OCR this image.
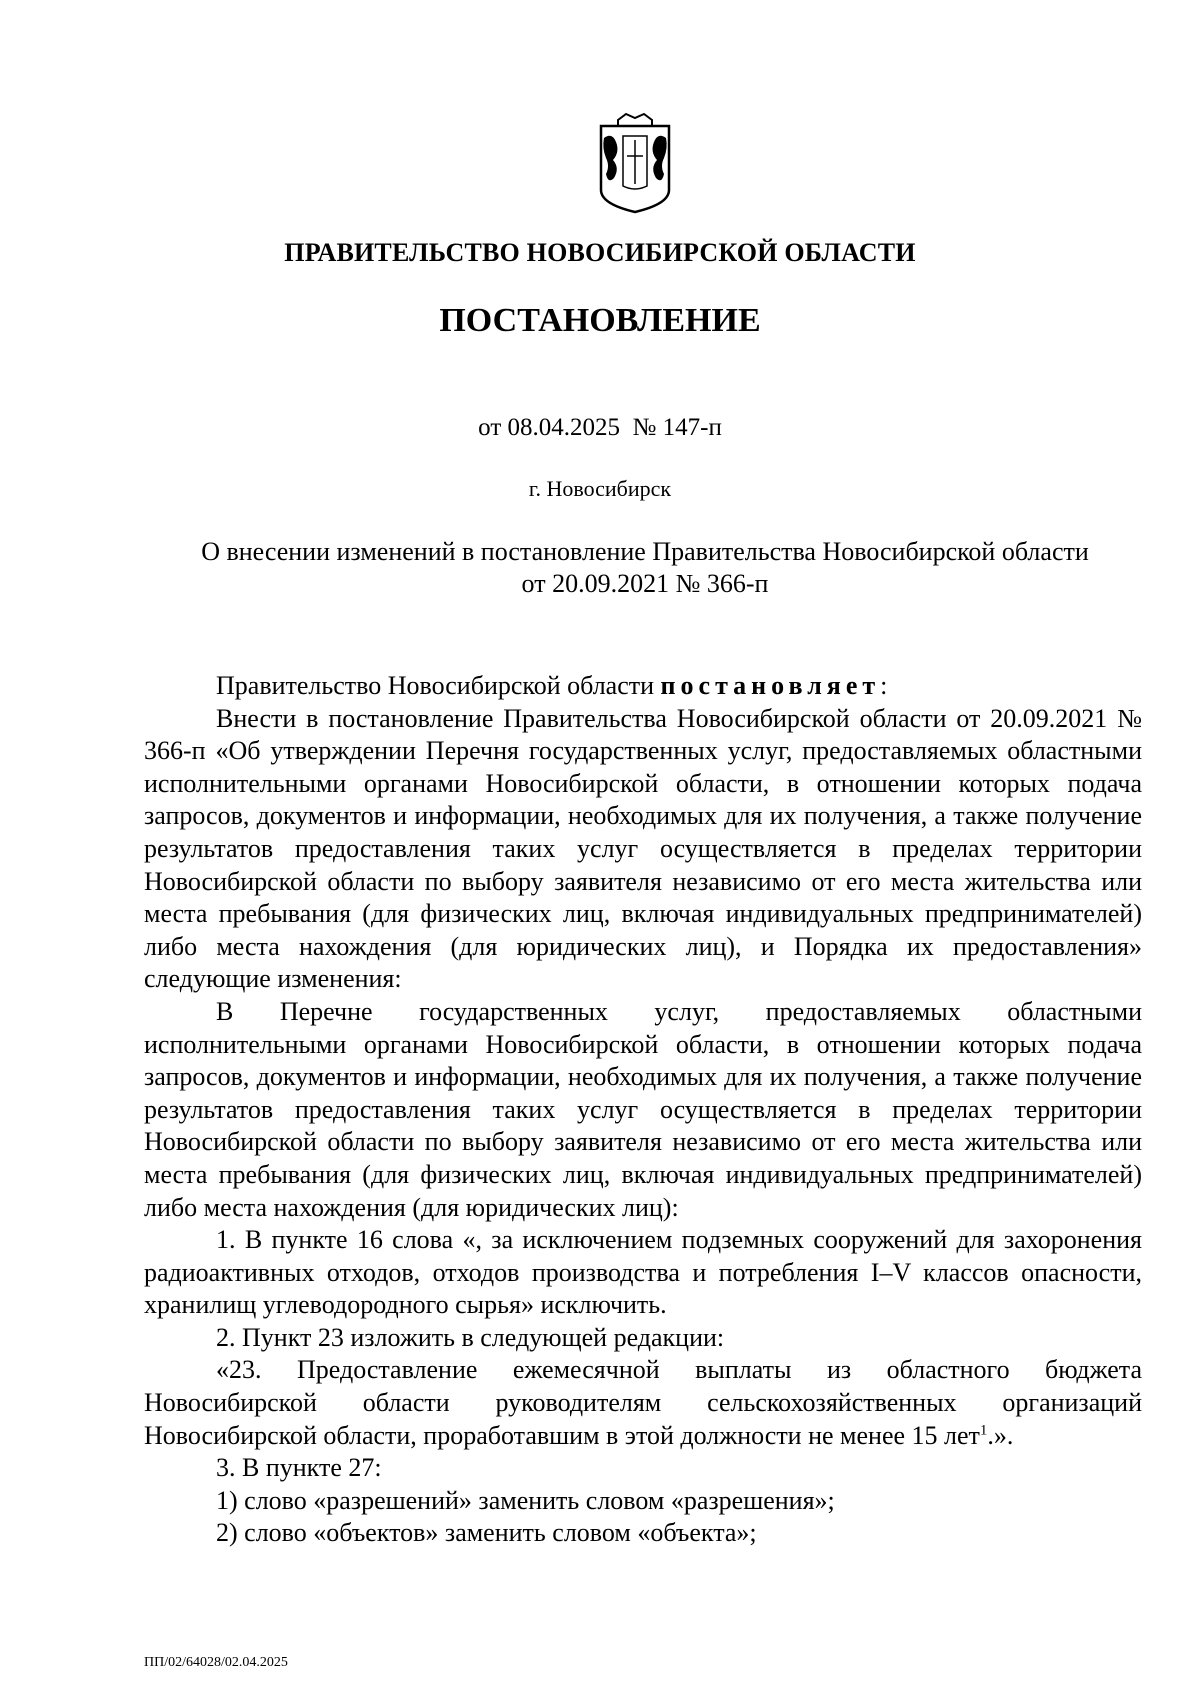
ПРАВИТЕЛЬСТВО НОВОСИБИРСКОЙ ОБЛАСТИ
ПОСТАНОВЛЕНИЕ
от 08.04.2025  № 147-п
г. Новосибирск
О внесении изменений в постановление Правительства Новосибирской области
от 20.09.2021 № 366-п

Правительство Новосибирской области постановляет:

Внести в постановление Правительства Новосибирской области от 20.09.2021 № 366-п «Об утверждении Перечня государственных услуг, предоставляемых областными исполнительными органами Новосибирской области, в отношении которых подача запросов, документов и информации, необходимых для их получения, а также получение результатов предоставления таких услуг осуществляется в пределах территории Новосибирской области по выбору заявителя независимо от его места жительства или места пребывания (для физических лиц, включая индивидуальных предпринимателей) либо места нахождения (для юридических лиц), и Порядка их предоставления» следующие изменения:

В Перечне государственных услуг, предоставляемых областными исполнительными органами Новосибирской области, в отношении которых подача запросов, документов и информации, необходимых для их получения, а также получение результатов предоставления таких услуг осуществляется в пределах территории Новосибирской области по выбору заявителя независимо от его места жительства или места пребывания (для физических лиц, включая индивидуальных предпринимателей) либо места нахождения (для юридических лиц):

1. В пункте 16 слова «, за исключением подземных сооружений для захоронения радиоактивных отходов, отходов производства и потребления I–V классов опасности, хранилищ углеводородного сырья» исключить.

2. Пункт 23 изложить в следующей редакции:

«23. Предоставление ежемесячной выплаты из областного бюджета Новосибирской области руководителям сельскохозяйственных организаций Новосибирской области, проработавшим в этой должности не менее 15 лет$^1$.».

3. В пункте 27:

1) слово «разрешений» заменить словом «разрешения»;

2) слово «объектов» заменить словом «объекта»;

ПП/02/64028/02.04.2025
